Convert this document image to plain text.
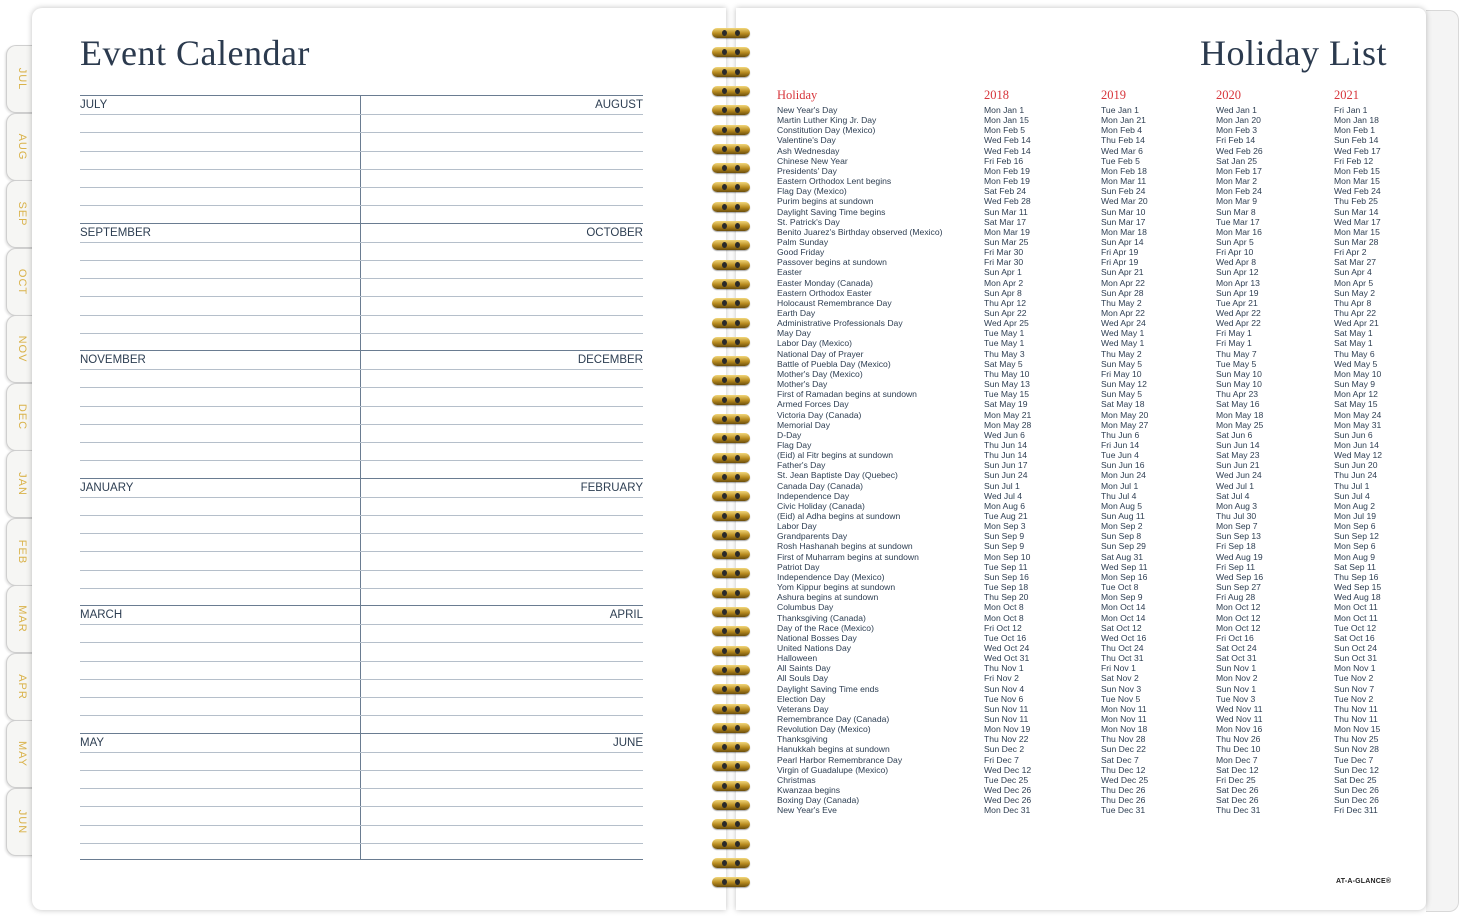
JUL
AUG
SEP
OCT
NOV
DEC
JAN
FEB
MAR
APR
MAY
JUN
Event Calendar
JULY	AUGUST
SEPTEMBER	OCTOBER
NOVEMBER	DECEMBER
JANUARY	FEBRUARY
MARCH	APRIL
MAY	JUNE
Holiday List
Holiday	2018	2019	2020	2021
New Year's Day	Mon Jan 1	Tue Jan 1	Wed Jan 1	Fri Jan 1
Martin Luther King Jr. Day	Mon Jan 15	Mon Jan 21	Mon Jan 20	Mon Jan 18
Constitution Day (Mexico)	Mon Feb 5	Mon Feb 4	Mon Feb 3	Mon Feb 1
Valentine's Day	Wed Feb 14	Thu Feb 14	Fri Feb 14	Sun Feb 14
Ash Wednesday	Wed Feb 14	Wed Mar 6	Wed Feb 26	Wed Feb 17
Chinese New Year	Fri Feb 16	Tue Feb 5	Sat Jan 25	Fri Feb 12
Presidents' Day	Mon Feb 19	Mon Feb 18	Mon Feb 17	Mon Feb 15
Eastern Orthodox Lent begins	Mon Feb 19	Mon Mar 11	Mon Mar 2	Mon Mar 15
Flag Day (Mexico)	Sat Feb 24	Sun Feb 24	Mon Feb 24	Wed Feb 24
Purim begins at sundown	Wed Feb 28	Wed Mar 20	Mon Mar 9	Thu Feb 25
Daylight Saving Time begins	Sun Mar 11	Sun Mar 10	Sun Mar 8	Sun Mar 14
St. Patrick's Day	Sat Mar 17	Sun Mar 17	Tue Mar 17	Wed Mar 17
Benito Juarez's Birthday observed (Mexico)	Mon Mar 19	Mon Mar 18	Mon Mar 16	Mon Mar 15
Palm Sunday	Sun Mar 25	Sun Apr 14	Sun Apr 5	Sun Mar 28
Good Friday	Fri Mar 30	Fri Apr 19	Fri Apr 10	Fri Apr 2
Passover begins at sundown	Fri Mar 30	Fri Apr 19	Wed Apr 8	Sat Mar 27
Easter	Sun Apr 1	Sun Apr 21	Sun Apr 12	Sun Apr 4
Easter Monday (Canada)	Mon Apr 2	Mon Apr 22	Mon Apr 13	Mon Apr 5
Eastern Orthodox Easter	Sun Apr 8	Sun Apr 28	Sun Apr 19	Sun May 2
Holocaust Remembrance Day	Thu Apr 12	Thu May 2	Tue Apr 21	Thu Apr 8
Earth Day	Sun Apr 22	Mon Apr 22	Wed Apr 22	Thu Apr 22
Administrative Professionals Day	Wed Apr 25	Wed Apr 24	Wed Apr 22	Wed Apr 21
May Day	Tue May 1	Wed May 1	Fri May 1	Sat May 1
Labor Day (Mexico)	Tue May 1	Wed May 1	Fri May 1	Sat May 1
National Day of Prayer	Thu May 3	Thu May 2	Thu May 7	Thu May 6
Battle of Puebla Day (Mexico)	Sat May 5	Sun May 5	Tue May 5	Wed May 5
Mother's Day (Mexico)	Thu May 10	Fri May 10	Sun May 10	Mon May 10
Mother's Day	Sun May 13	Sun May 12	Sun May 10	Sun May 9
First of Ramadan begins at sundown	Tue May 15	Sun May 5	Thu Apr 23	Mon Apr 12
Armed Forces Day	Sat May 19	Sat May 18	Sat May 16	Sat May 15
Victoria Day (Canada)	Mon May 21	Mon May 20	Mon May 18	Mon May 24
Memorial Day	Mon May 28	Mon May 27	Mon May 25	Mon May 31
D-Day	Wed Jun 6	Thu Jun 6	Sat Jun 6	Sun Jun 6
Flag Day	Thu Jun 14	Fri Jun 14	Sun Jun 14	Mon Jun 14
(Eid) al Fitr begins at sundown	Thu Jun 14	Tue Jun 4	Sat May 23	Wed May 12
Father's Day	Sun Jun 17	Sun Jun 16	Sun Jun 21	Sun Jun 20
St. Jean Baptiste Day (Quebec)	Sun Jun 24	Mon Jun 24	Wed Jun 24	Thu Jun 24
Canada Day (Canada)	Sun Jul 1	Mon Jul 1	Wed Jul 1	Thu Jul 1
Independence Day	Wed Jul 4	Thu Jul 4	Sat Jul 4	Sun Jul 4
Civic Holiday (Canada)	Mon Aug 6	Mon Aug 5	Mon Aug 3	Mon Aug 2
(Eid) al Adha begins at sundown	Tue Aug 21	Sun Aug 11	Thu Jul 30	Mon Jul 19
Labor Day	Mon Sep 3	Mon Sep 2	Mon Sep 7	Mon Sep 6
Grandparents Day	Sun Sep 9	Sun Sep 8	Sun Sep 13	Sun Sep 12
Rosh Hashanah begins at sundown	Sun Sep 9	Sun Sep 29	Fri Sep 18	Mon Sep 6
First of Muharram begins at sundown	Mon Sep 10	Sat Aug 31	Wed Aug 19	Mon Aug 9
Patriot Day	Tue Sep 11	Wed Sep 11	Fri Sep 11	Sat Sep 11
Independence Day (Mexico)	Sun Sep 16	Mon Sep 16	Wed Sep 16	Thu Sep 16
Yom Kippur begins at sundown	Tue Sep 18	Tue Oct 8	Sun Sep 27	Wed Sep 15
Ashura begins at sundown	Thu Sep 20	Mon Sep 9	Fri Aug 28	Wed Aug 18
Columbus Day	Mon Oct 8	Mon Oct 14	Mon Oct 12	Mon Oct 11
Thanksgiving (Canada)	Mon Oct 8	Mon Oct 14	Mon Oct 12	Mon Oct 11
Day of the Race (Mexico)	Fri Oct 12	Sat Oct 12	Mon Oct 12	Tue Oct 12
National Bosses Day	Tue Oct 16	Wed Oct 16	Fri Oct 16	Sat Oct 16
United Nations Day	Wed Oct 24	Thu Oct 24	Sat Oct 24	Sun Oct 24
Halloween	Wed Oct 31	Thu Oct 31	Sat Oct 31	Sun Oct 31
All Saints Day	Thu Nov 1	Fri Nov 1	Sun Nov 1	Mon Nov 1
All Souls Day	Fri Nov 2	Sat Nov 2	Mon Nov 2	Tue Nov 2
Daylight Saving Time ends	Sun Nov 4	Sun Nov 3	Sun Nov 1	Sun Nov 7
Election Day	Tue Nov 6	Tue Nov 5	Tue Nov 3	Tue Nov 2
Veterans Day	Sun Nov 11	Mon Nov 11	Wed Nov 11	Thu Nov 11
Remembrance Day (Canada)	Sun Nov 11	Mon Nov 11	Wed Nov 11	Thu Nov 11
Revolution Day (Mexico)	Mon Nov 19	Mon Nov 18	Mon Nov 16	Mon Nov 15
Thanksgiving	Thu Nov 22	Thu Nov 28	Thu Nov 26	Thu Nov 25
Hanukkah begins at sundown	Sun Dec 2	Sun Dec 22	Thu Dec 10	Sun Nov 28
Pearl Harbor Remembrance Day	Fri Dec 7	Sat Dec 7	Mon Dec 7	Tue Dec 7
Virgin of Guadalupe (Mexico)	Wed Dec 12	Thu Dec 12	Sat Dec 12	Sun Dec 12
Christmas	Tue Dec 25	Wed Dec 25	Fri Dec 25	Sat Dec 25
Kwanzaa begins	Wed Dec 26	Thu Dec 26	Sat Dec 26	Sun Dec 26
Boxing Day (Canada)	Wed Dec 26	Thu Dec 26	Sat Dec 26	Sun Dec 26
New Year's Eve	Mon Dec 31	Tue Dec 31	Thu Dec 31	Fri Dec 311
AT-A-GLANCE®
